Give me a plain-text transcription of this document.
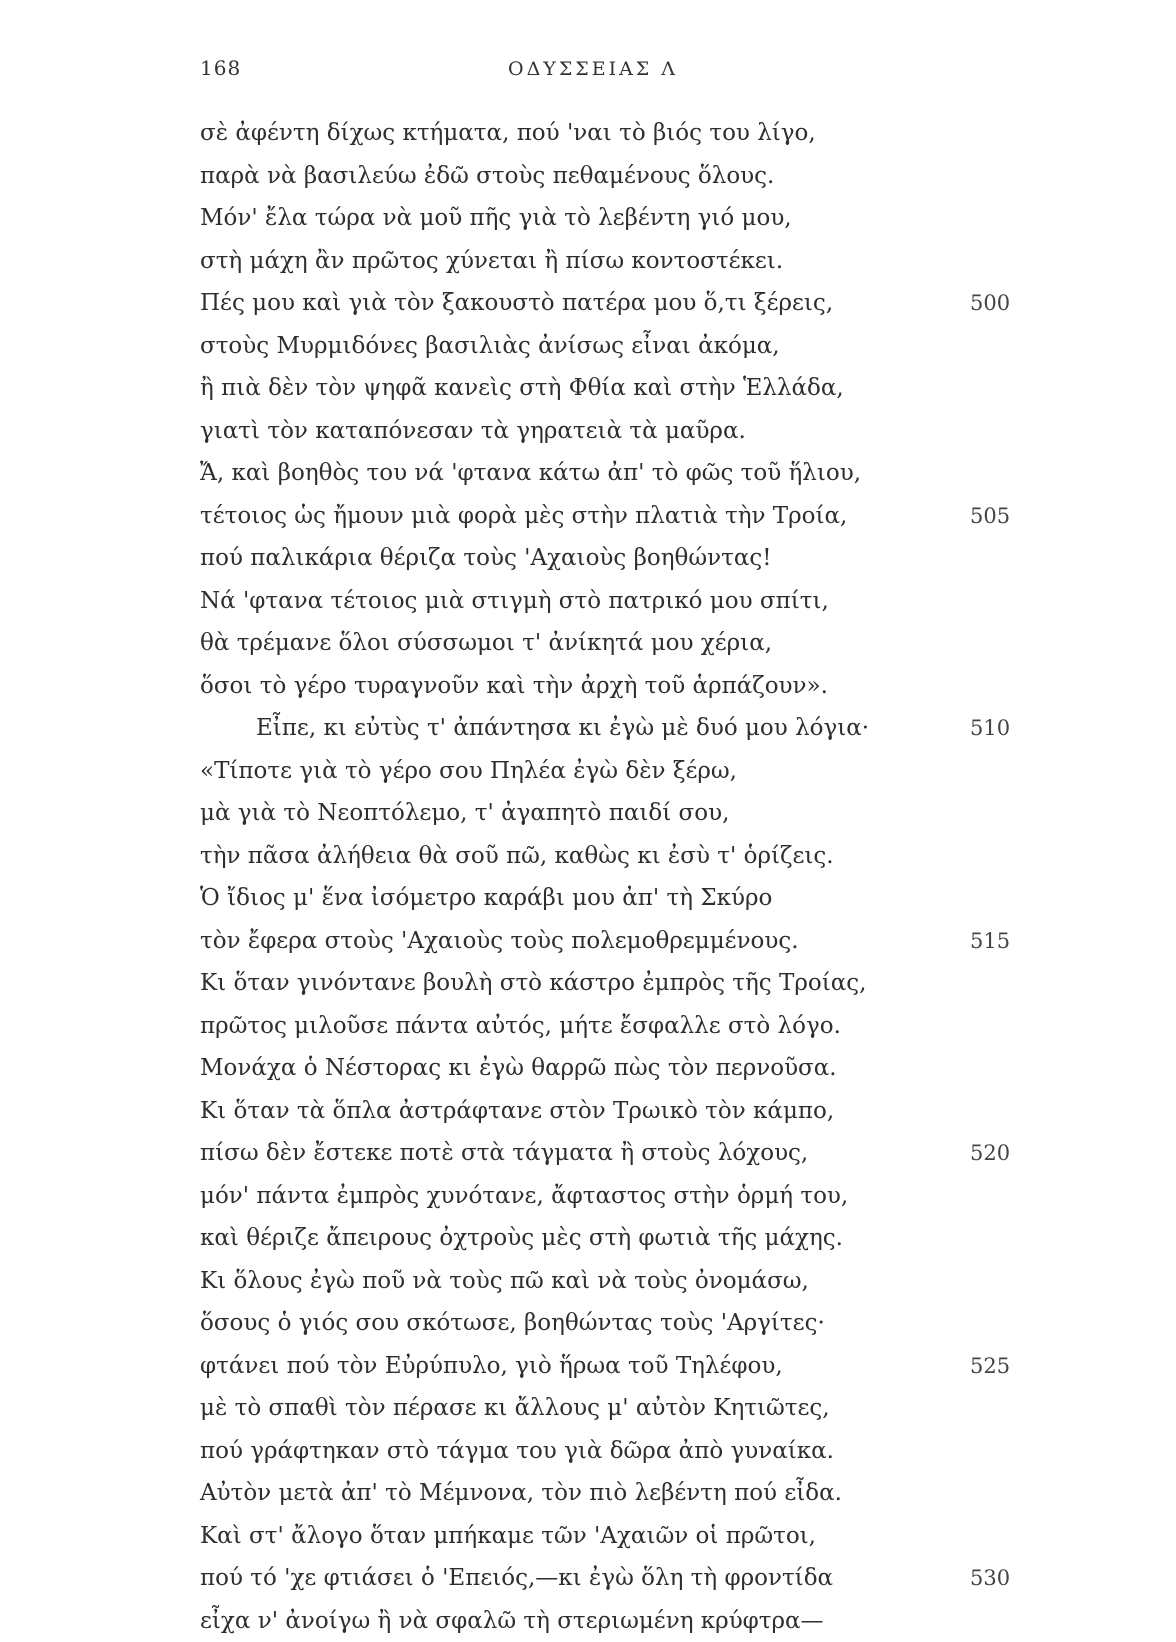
168	ΟΔΥΣΣΕΙΑΣ Λ
σὲ ἀφέντη δίχως κτήματα, πού 'ναι τὸ βιός του λίγο,
παρὰ νὰ βασιλεύω ἐδῶ στοὺς πεθαμένους ὅλους.
Μόν' ἔλα τώρα νὰ μοῦ πῆς γιὰ τὸ λεβέντη γιό μου,
στὴ μάχη ἂν πρῶτος χύνεται ἢ πίσω κοντοστέκει.
Πές μου καὶ γιὰ τὸν ξακουστὸ πατέρα μου ὅ,τι ξέρεις,	500
στοὺς Μυρμιδόνες βασιλιὰς ἀνίσως εἶναι ἀκόμα,
ἢ πιὰ δὲν τὸν ψηφᾶ κανεὶς στὴ Φθία καὶ στὴν Ἑλλάδα,
γιατὶ τὸν καταπόνεσαν τὰ γηρατειὰ τὰ μαῦρα.
Ἄ, καὶ βοηθὸς του νά 'φτανα κάτω ἀπ' τὸ φῶς τοῦ ἥλιου,
τέτοιος ὡς ἤμουν μιὰ φορὰ μὲς στὴν πλατιὰ τὴν Τροία,	505
πού παλικάρια θέριζα τοὺς 'Αχαιοὺς βοηθώντας!
Νά 'φτανα τέτοιος μιὰ στιγμὴ στὸ πατρικό μου σπίτι,
θὰ τρέμανε ὅλοι σύσσωμοι τ' ἀνίκητά μου χέρια,
ὅσοι τὸ γέρο τυραγνοῦν καὶ τὴν ἀρχὴ τοῦ ἁρπάζουν».
Εἶπε, κι εὐτὺς τ' ἀπάντησα κι ἐγὼ μὲ δυό μου λόγια·	510
«Τίποτε γιὰ τὸ γέρο σου Πηλέα ἐγὼ δὲν ξέρω,
μὰ γιὰ τὸ Νεοπτόλεμο, τ' ἀγαπητὸ παιδί σου,
τὴν πᾶσα ἀλήθεια θὰ σοῦ πῶ, καθὼς κι ἐσὺ τ' ὁρίζεις.
Ὁ ἴδιος μ' ἕνα ἰσόμετρο καράβι μου ἀπ' τὴ Σκύρο
τὸν ἔφερα στοὺς 'Αχαιοὺς τοὺς πολεμοθρεμμένους.	515
Κι ὅταν γινόντανε βουλὴ στὸ κάστρο ἐμπρὸς τῆς Τροίας,
πρῶτος μιλοῦσε πάντα αὐτός, μήτε ἔσφαλλε στὸ λόγο.
Μονάχα ὁ Νέστορας κι ἐγὼ θαρρῶ πὼς τὸν περνοῦσα.
Κι ὅταν τὰ ὅπλα ἀστράφτανε στὸν Τρωικὸ τὸν κάμπο,
πίσω δὲν ἔστεκε ποτὲ στὰ τάγματα ἢ στοὺς λόχους,	520
μόν' πάντα ἐμπρὸς χυνότανε, ἄφταστος στὴν ὁρμή του,
καὶ θέριζε ἄπειρους ὀχτροὺς μὲς στὴ φωτιὰ τῆς μάχης.
Κι ὅλους ἐγὼ ποῦ νὰ τοὺς πῶ καὶ νὰ τοὺς ὀνομάσω,
ὅσους ὁ γιός σου σκότωσε, βοηθώντας τοὺς 'Αργίτες·
φτάνει πού τὸν Εὐρύπυλο, γιὸ ἥρωα τοῦ Τηλέφου,	525
μὲ τὸ σπαθὶ τὸν πέρασε κι ἄλλους μ' αὐτὸν Κητιῶτες,
πού γράφτηκαν στὸ τάγμα του γιὰ δῶρα ἀπὸ γυναίκα.
Αὐτὸν μετὰ ἀπ' τὸ Μέμνονα, τὸν πιὸ λεβέντη πού εἶδα.
Καὶ στ' ἄλογο ὅταν μπήκαμε τῶν 'Αχαιῶν οἱ πρῶτοι,
πού τό 'χε φτιάσει ὁ 'Επειός,—κι ἐγὼ ὅλη τὴ φροντίδα	530
εἶχα ν' ἀνοίγω ἢ νὰ σφαλῶ τὴ στεριωμένη κρύφτρα—
